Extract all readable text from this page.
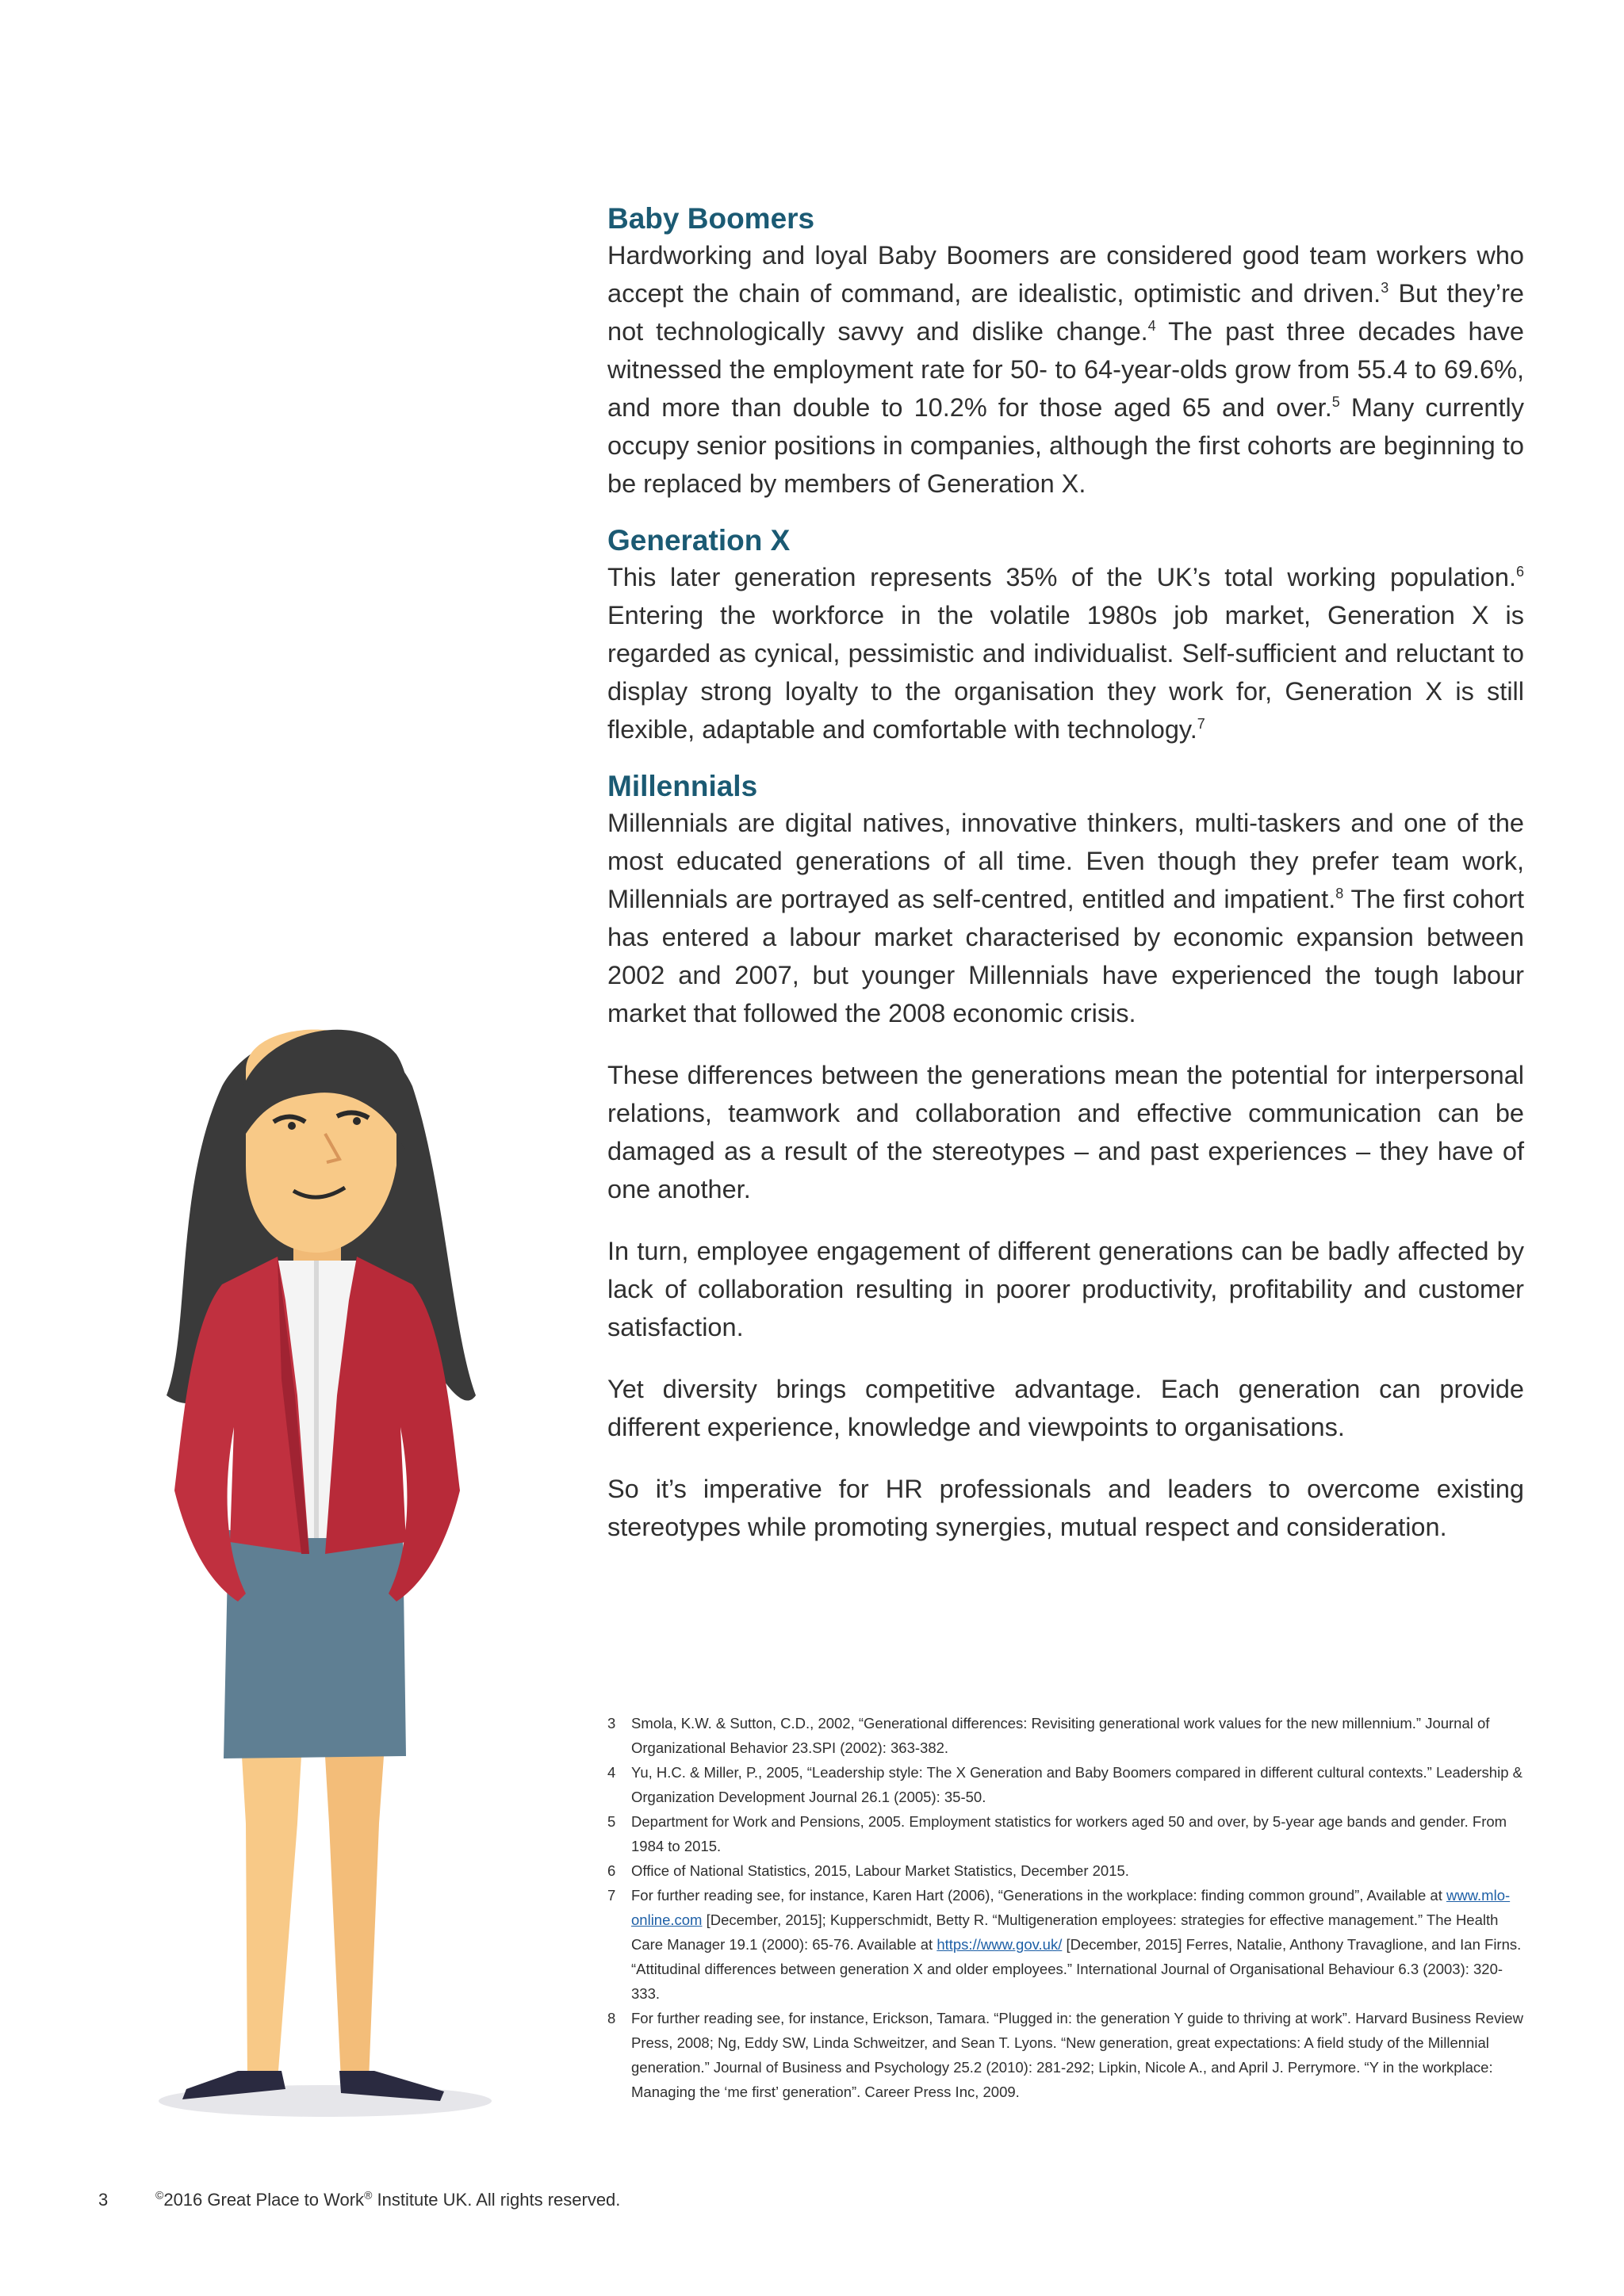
Baby Boomers

Hardworking and loyal Baby Boomers are considered good team workers who accept the chain of command, are idealistic, optimistic and driven.$^3$ But they’re not technologically savvy and dislike change.$^4$ The past three decades have witnessed the employment rate for 50- to 64-year-olds grow from 55.4 to 69.6%, and more than double to 10.2% for those aged 65 and over.$^5$ Many currently occupy senior positions in companies, although the first cohorts are beginning to be replaced by members of Generation X.

Generation X

This later generation represents 35% of the UK’s total working population.$^6$ Entering the workforce in the volatile 1980s job market, Generation X is regarded as cynical, pessimistic and individualist. Self-sufficient and reluctant to display strong loyalty to the organisation they work for, Generation X is still flexible, adaptable and comfortable with technology.$^7$

Millennials

Millennials are digital natives, innovative thinkers, multi-taskers and one of the most educated generations of all time. Even though they prefer team work, Millennials are portrayed as self-centred, entitled and impatient.$^8$ The first cohort has entered a labour market characterised by economic expansion between 2002 and 2007, but younger Millennials have experienced the tough labour market that followed the 2008 economic crisis.

These differences between the generations mean the potential for interpersonal relations, teamwork and collaboration and effective communication can be damaged as a result of the stereotypes – and past experiences – they have of one another.

In turn, employee engagement of different generations can be badly affected by lack of collaboration resulting in poorer productivity, profitability and customer satisfaction.

Yet diversity brings competitive advantage. Each generation can provide different experience, knowledge and viewpoints to organisations.

So it’s imperative for HR professionals and leaders to overcome existing stereotypes while promoting synergies, mutual respect and consideration.

3	Smola, K.W. & Sutton, C.D., 2002, “Generational differences: Revisiting generational work values for the new millennium.” Journal of Organizational Behavior 23.SPI (2002): 363-382.
4	Yu, H.C. & Miller, P., 2005, “Leadership style: The X Generation and Baby Boomers compared in different cultural contexts.” Leadership & Organization Development Journal 26.1 (2005): 35-50.
5	Department for Work and Pensions, 2005. Employment statistics for workers aged 50 and over, by 5-year age bands and gender. From 1984 to 2015.
6	Office of National Statistics, 2015, Labour Market Statistics, December 2015.
7	For further reading see, for instance, Karen Hart (2006), “Generations in the workplace: finding common ground”, Available at www.mlo-online.com [December, 2015]; Kupperschmidt, Betty R. “Multigeneration employees: strategies for effective management.” The Health Care Manager 19.1 (2000): 65-76. Available at https://www.gov.uk/ [December, 2015] Ferres, Natalie, Anthony Travaglione, and Ian Firns. “Attitudinal differences between generation X and older employees.” International Journal of Organisational Behaviour 6.3 (2003): 320-333.
8	For further reading see, for instance, Erickson, Tamara. “Plugged in: the generation Y guide to thriving at work”. Harvard Business Review Press, 2008; Ng, Eddy SW, Linda Schweitzer, and Sean T. Lyons. “New generation, great expectations: A field study of the Millennial generation.” Journal of Business and Psychology 25.2 (2010): 281-292; Lipkin, Nicole A., and April J. Perrymore. “Y in the workplace: Managing the ‘me first’ generation”. Career Press Inc, 2009.
3	©2016 Great Place to Work® Institute UK. All rights reserved.
